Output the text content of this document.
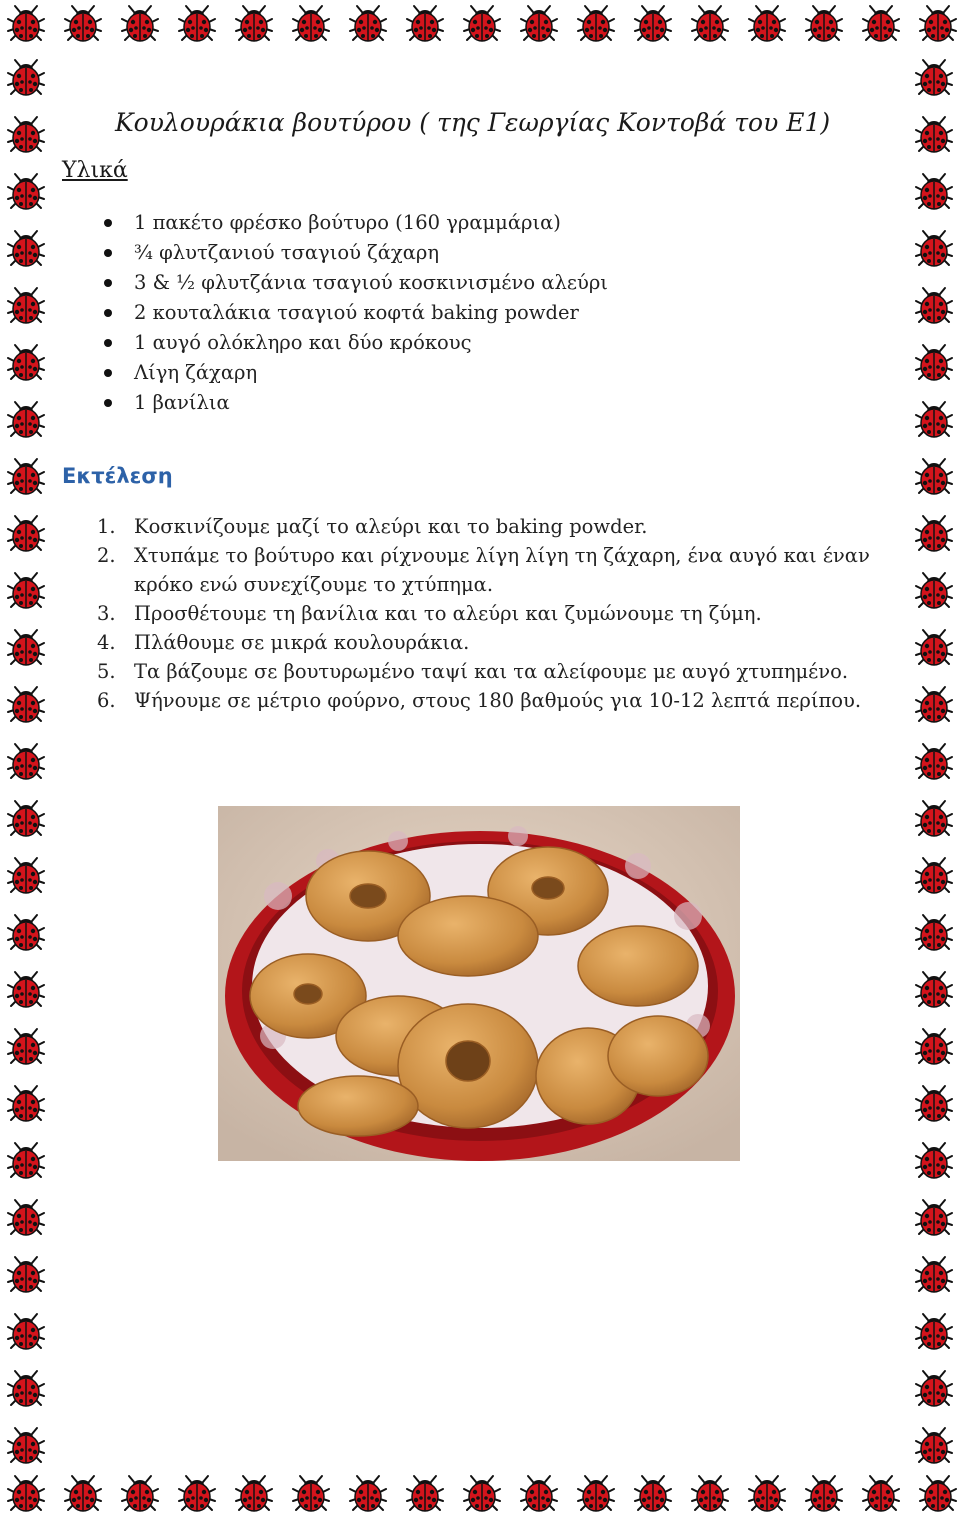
Κουλουράκια βουτύρου ( της Γεωργίας Κοντοβά του Ε1)
Υλικά
1 πακέτο φρέσκο βούτυρο (160 γραμμάρια)
¾ φλυτζανιού τσαγιού ζάχαρη
3 & ½ φλυτζάνια τσαγιού κοσκινισμένο αλεύρι
2 κουταλάκια τσαγιού κοφτά baking powder
1 αυγό ολόκληρο και δύο κρόκους
Λίγη ζάχαρη
1 βανίλια
Εκτέλεση
1. Κοσκινίζουμε μαζί το αλεύρι και το baking powder.
2. Χτυπάμε το βούτυρο και ρίχνουμε λίγη λίγη τη ζάχαρη, ένα αυγό και έναν κρόκο ενώ συνεχίζουμε το χτύπημα.
3. Προσθέτουμε τη βανίλια και το αλεύρι και ζυμώνουμε τη ζύμη.
4. Πλάθουμε σε μικρά κουλουράκια.
5. Τα βάζουμε σε βουτυρωμένο ταψί και τα αλείφουμε με αυγό χτυπημένο.
6. Ψήνουμε σε μέτριο φούρνο, στους 180 βαθμούς για 10-12 λεπτά περίπου.
